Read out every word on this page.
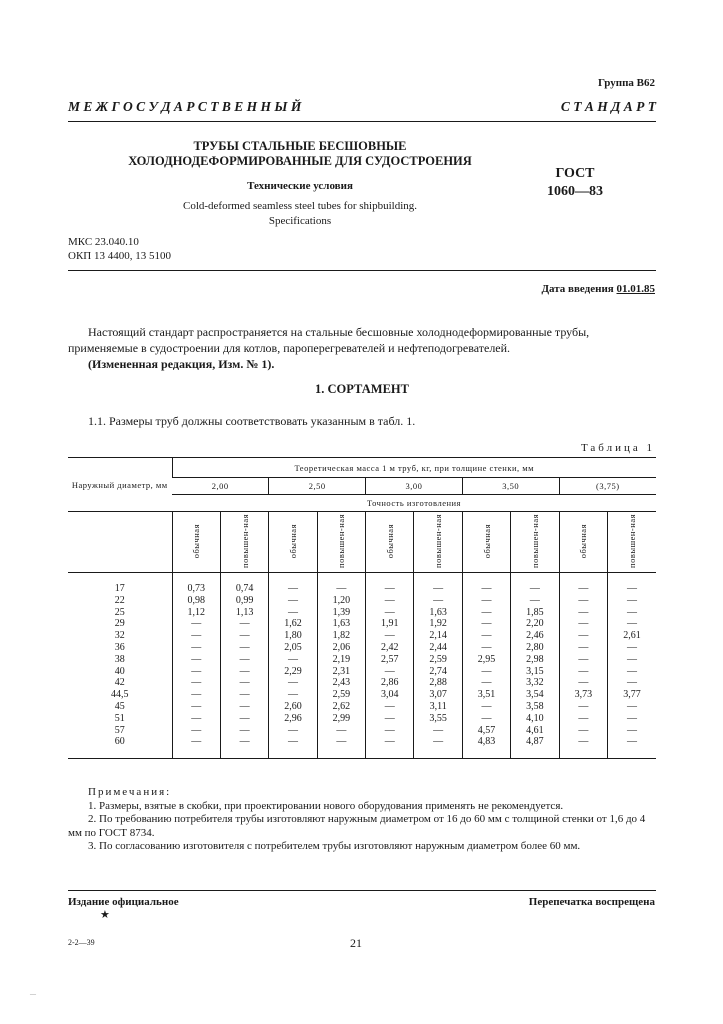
Группа В62
М Е Ж Г О С У Д А Р С Т В Е Н Н Ы Й	С Т А Н Д А Р Т
ТРУБЫ СТАЛЬНЫЕ БЕСШОВНЫЕ
ХОЛОДНОДЕФОРМИРОВАННЫЕ ДЛЯ СУДОСТРОЕНИЯ
Технические условия
Cold-deformed seamless steel tubes for shipbuilding.
Specifications
ГОСТ
1060—83
МКС 23.040.10
ОКП 13 4400, 13 5100
Дата введения 01.01.85

Настоящий стандарт распространяется на стальные бесшовные холоднодеформированные трубы, применяемые в судостроении для котлов, пароперегревателей и нефтеподогревателей.

(Измененная редакция, Изм. № 1).

1. СОРТАМЕНТ
1.1. Размеры труб должны соответствовать указанным в табл. 1.
Таблица 1
Наружный диаметр, мм	Теоретическая масса 1 м труб, кг, при толщине стенки, мм									
	2,00		2,50		3,00		3,50		(3,75)	
	Точность изготовления									
	обычная	повышен-ная	обычная	повышен-ная	обычная	повышен-ная	обычная	повышен-ная	обычная	повышен-ная

17	0,73	0,74	—	—	—	—	—	—	—	—
22	0,98	0,99	—	1,20	—	—	—	—	—	—
25	1,12	1,13	—	1,39	—	1,63	—	1,85	—	—
29	—	—	1,62	1,63	1,91	1,92	—	2,20	—	—
32	—	—	1,80	1,82	—	2,14	—	2,46	—	2,61
36	—	—	2,05	2,06	2,42	2,44	—	2,80	—	—
38	—	—	—	2,19	2,57	2,59	2,95	2,98	—	—
40	—	—	2,29	2,31	—	2,74	—	3,15	—	—
42	—	—	—	2,43	2,86	2,88	—	3,32	—	—
44,5	—	—	—	2,59	3,04	3,07	3,51	3,54	3,73	3,77
45	—	—	2,60	2,62	—	3,11	—	3,58	—	—
51	—	—	2,96	2,99	—	3,55	—	4,10	—	—
57	—	—	—	—	—	—	4,57	4,61	—	—
60	—	—	—	—	—	—	4,83	4,87	—	—

Примечания:

1. Размеры, взятые в скобки, при проектировании нового оборудования применять не рекомендуется.

2. По требованию потребителя трубы изготовляют наружным диаметром от 16 до 60 мм с толщиной стенки от 1,6 до 4 мм по ГОСТ 8734.

3. По согласованию изготовителя с потребителем трубы изготовляют наружным диаметром более 60 мм.

Издание официальное	Перепечатка воспрещена
★
2-2—39	21
—
